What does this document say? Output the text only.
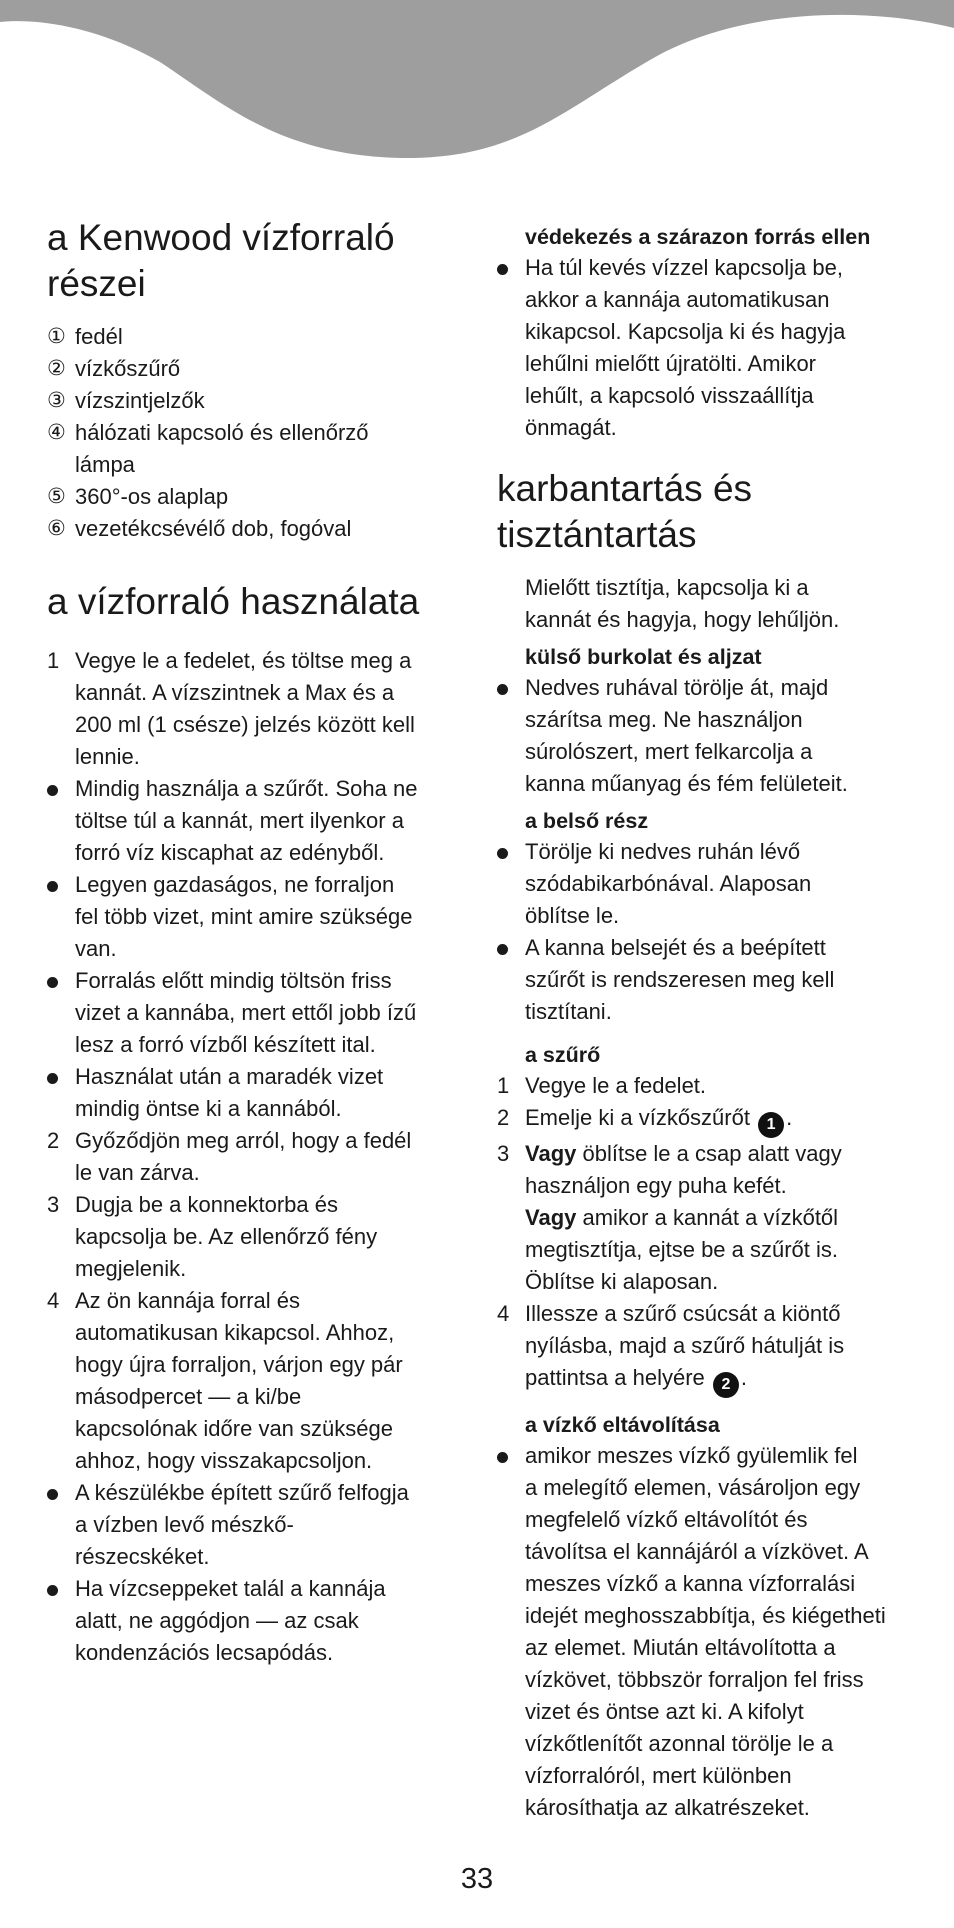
a Kenwood vízforraló
részei
① fedél
② vízkőszűrő
③ vízszintjelzők
④ hálózati kapcsoló és ellenőrző
lámpa
⑤ 360°-os alaplap
⑥ vezetékcsévélő dob, fogóval
a vízforraló használata
1 Vegye le a fedelet, és töltse meg a
kannát. A vízszintnek a Max és a
200 ml (1 csésze) jelzés között kell
lennie.
Mindig használja a szűrőt. Soha ne
töltse túl a kannát, mert ilyenkor a
forró víz kiscaphat az edényből.
Legyen gazdaságos, ne forraljon
fel több vizet, mint amire szüksége
van.
Forralás előtt mindig töltsön friss
vizet a kannába, mert ettől jobb ízű
lesz a forró vízből készített ital.
Használat után a maradék vizet
mindig öntse ki a kannából.
2 Győződjön meg arról, hogy a fedél
le van zárva.
3 Dugja be a konnektorba és
kapcsolja be. Az ellenőrző fény
megjelenik.
4 Az ön kannája forral és
automatikusan kikapcsol. Ahhoz,
hogy újra forraljon, várjon egy pár
másodpercet — a ki/be
kapcsolónak időre van szüksége
ahhoz, hogy visszakapcsoljon.
A készülékbe épített szűrő felfogja
a vízben levő mészkő-
részecskéket.
Ha vízcseppeket talál a kannája
alatt, ne aggódjon — az csak
kondenzációs lecsapódás.
védekezés a szárazon forrás ellen
Ha túl kevés vízzel kapcsolja be,
akkor a kannája automatikusan
kikapcsol. Kapcsolja ki és hagyja
lehűlni mielőtt újratölti. Amikor
lehűlt, a kapcsoló visszaállítja
önmagát.
karbantartás és
tisztántartás
Mielőtt tisztítja, kapcsolja ki a
kannát és hagyja, hogy lehűljön.
külső burkolat és aljzat
Nedves ruhával törölje át, majd
szárítsa meg. Ne használjon
súrolószert, mert felkarcolja a
kanna műanyag és fém felületeit.
a belső rész
Törölje ki nedves ruhán lévő
szódabikarbónával. Alaposan
öblítse le.
A kanna belsejét és a beépített
szűrőt is rendszeresen meg kell
tisztítani.
a szűrő
1 Vegye le a fedelet.
2 Emelje ki a vízkőszűrőt 1 .
3 Vagy öblítse le a csap alatt vagy
használjon egy puha kefét.
Vagy amikor a kannát a vízkőtől
megtisztítja, ejtse be a szűrőt is.
Öblítse ki alaposan.
4 Illessze a szűrő csúcsát a kiöntő
nyílásba, majd a szűrő hátulját is
pattintsa a helyére 2 .
a vízkő eltávolítása
amikor meszes vízkő gyülemlik fel
a melegítő elemen, vásároljon egy
megfelelő vízkő eltávolítót és
távolítsa el kannájáról a vízkövet. A
meszes vízkő a kanna vízforralási
idejét meghosszabbítja, és kiégetheti
az elemet. Miután eltávolította a
vízkövet, többször forraljon fel friss
vizet és öntse azt ki. A kifolyt
vízkőtlenítőt azonnal törölje le a
vízforralóról, mert különben
károsíthatja az alkatrészeket.
33
